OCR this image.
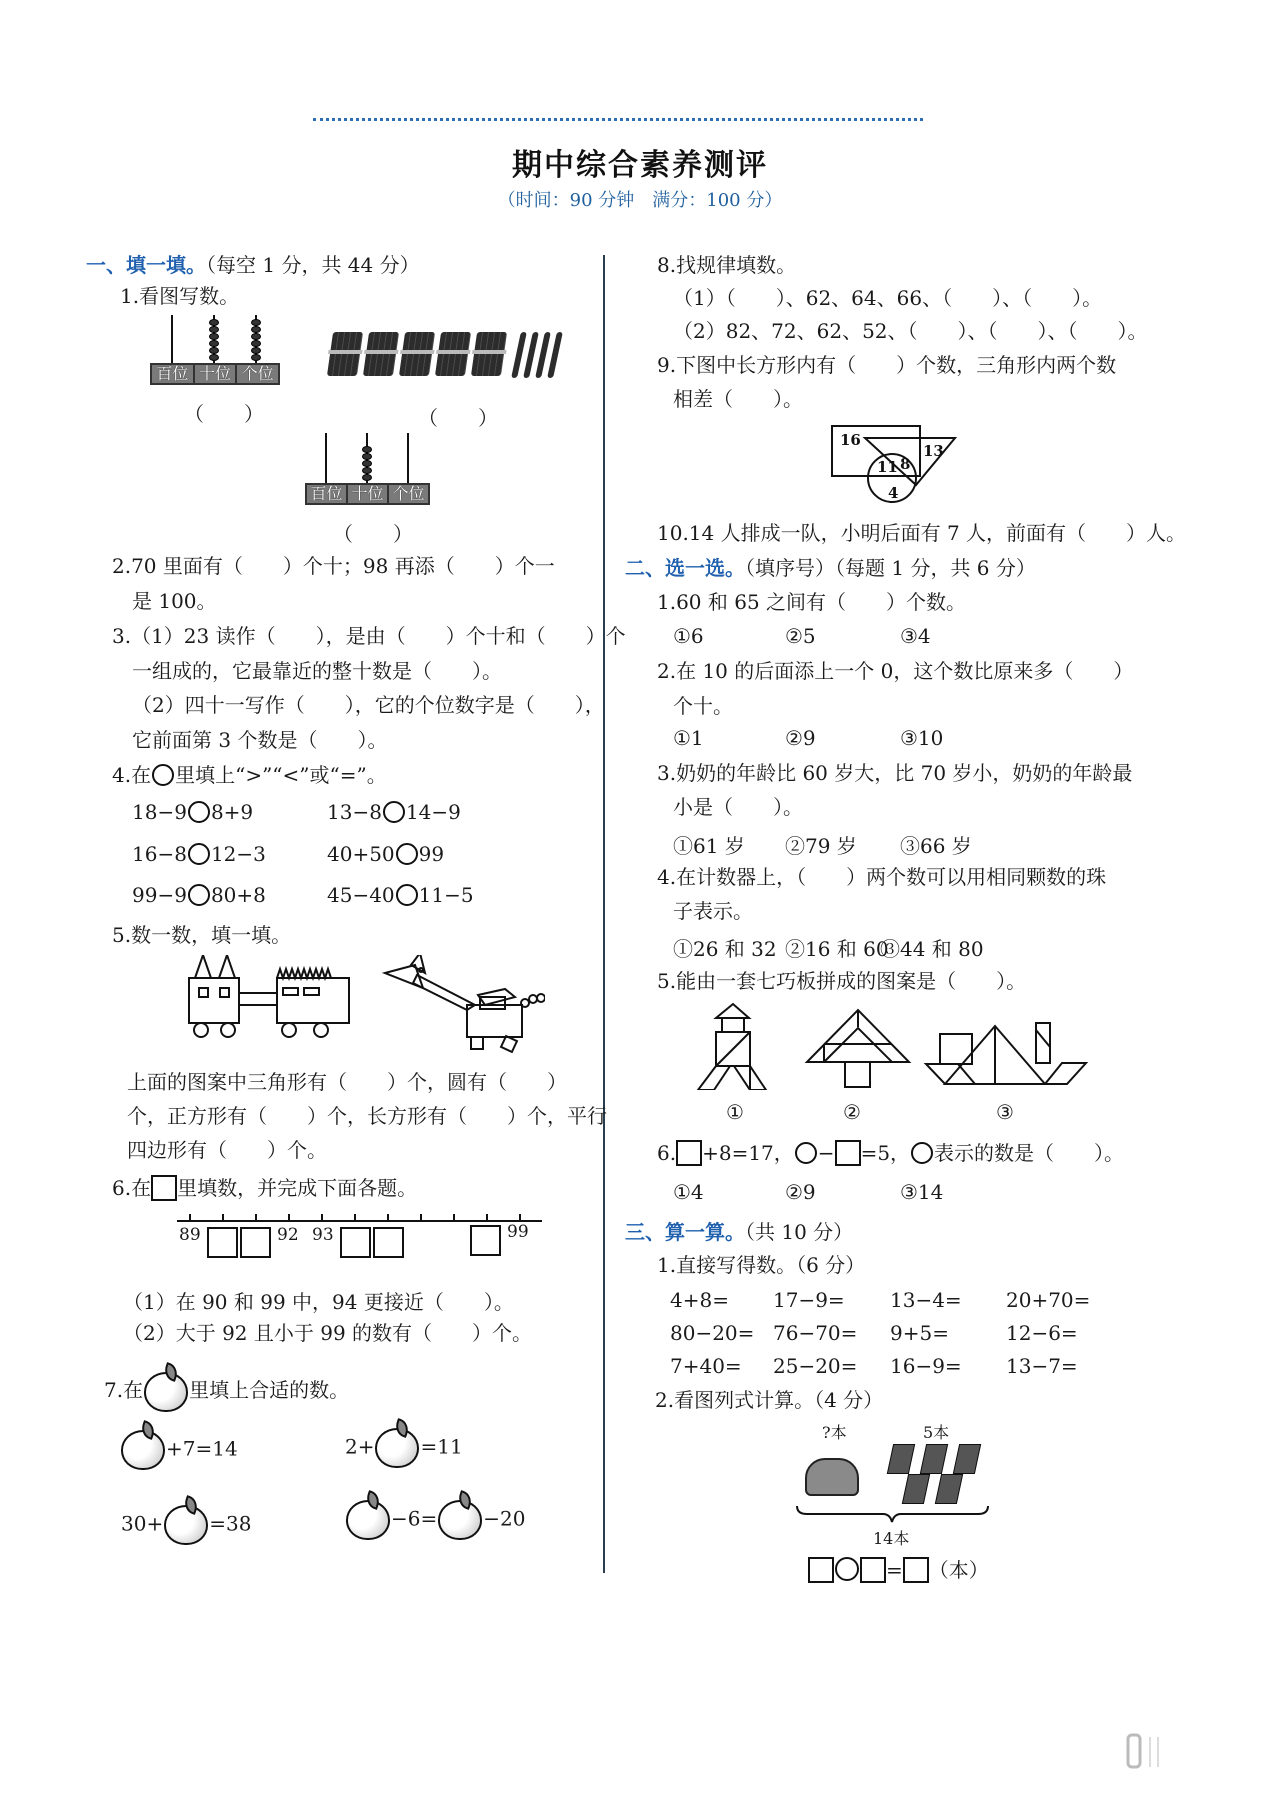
期中综合素养测评
（时间：90 分钟　满分：100 分）
一、填一填。（每空 1 分，共 44 分）
1.看图写数。
百位 十位 个位
（　　）	（　　）
百位 十位 个位
（　　）
2.70 里面有（　　）个十；98 再添（　　）个一
是 100。
3.（1）23 读作（　　），是由（　　）个十和（　　）个
一组成的，它最靠近的整十数是（　　）。
（2）四十一写作（　　），它的个位数字是（　　），
它前面第 3 个数是（　　）。
4.在 里填上“>”“<”或“=”。
18−9 8+9	13−8 14−9
16−8 12−3	40+50 99
99−9 80+8	45−40 11−5
5.数一数，填一填。
上面的图案中三角形有（　　）个，圆有（　　）
个，正方形有（　　）个，长方形有（　　）个，平行
四边形有（　　）个。
6.在 里填数，并完成下面各题。
89	92 93	99
（1）在 90 和 99 中，94 更接近（　　）。
（2）大于 92 且小于 99 的数有（　　）个。
7.在 里填上合适的数。
+7=14	2+ =11
30+ =38	−6= −20
8.找规律填数。
（1）（　　）、62、64、66、（　　）、（　　）。
（2）82、72、62、52、（　　）、（　　）、（　　）。
9.下图中长方形内有（　　）个数，三角形内两个数
相差（　　）。
16
11 8
13
4
10.14 人排成一队，小明后面有 7 人，前面有（　　）人。
二、选一选。（填序号）（每题 1 分，共 6 分）
1.60 和 65 之间有（　　）个数。
①6	②5	③4
2.在 10 的后面添上一个 0，这个数比原来多（　　）
个十。
①1	②9	③10
3.奶奶的年龄比 60 岁大，比 70 岁小，奶奶的年龄最
小是（　　）。
①61 岁 ②79 岁 ③66 岁
4.在计数器上，（　　）两个数可以用相同颗数的珠
子表示。
①26 和 32 ②16 和 60
③44 和 80
5.能由一套七巧板拼成的图案是（　　）。
①	②	③
6. +8=17， − =5， 表示的数是（　　）。
①4	②9	③14
三、算一算。（共 10 分）
1.直接写得数。（6 分）
4+8= 17−9= 13−4= 20+70=
80−20= 76−70= 9+5=	12−6=
7+40= 25−20= 16−9= 13−7=
2.看图列式计算。（4 分）
?本	5本
14本
= （本）
